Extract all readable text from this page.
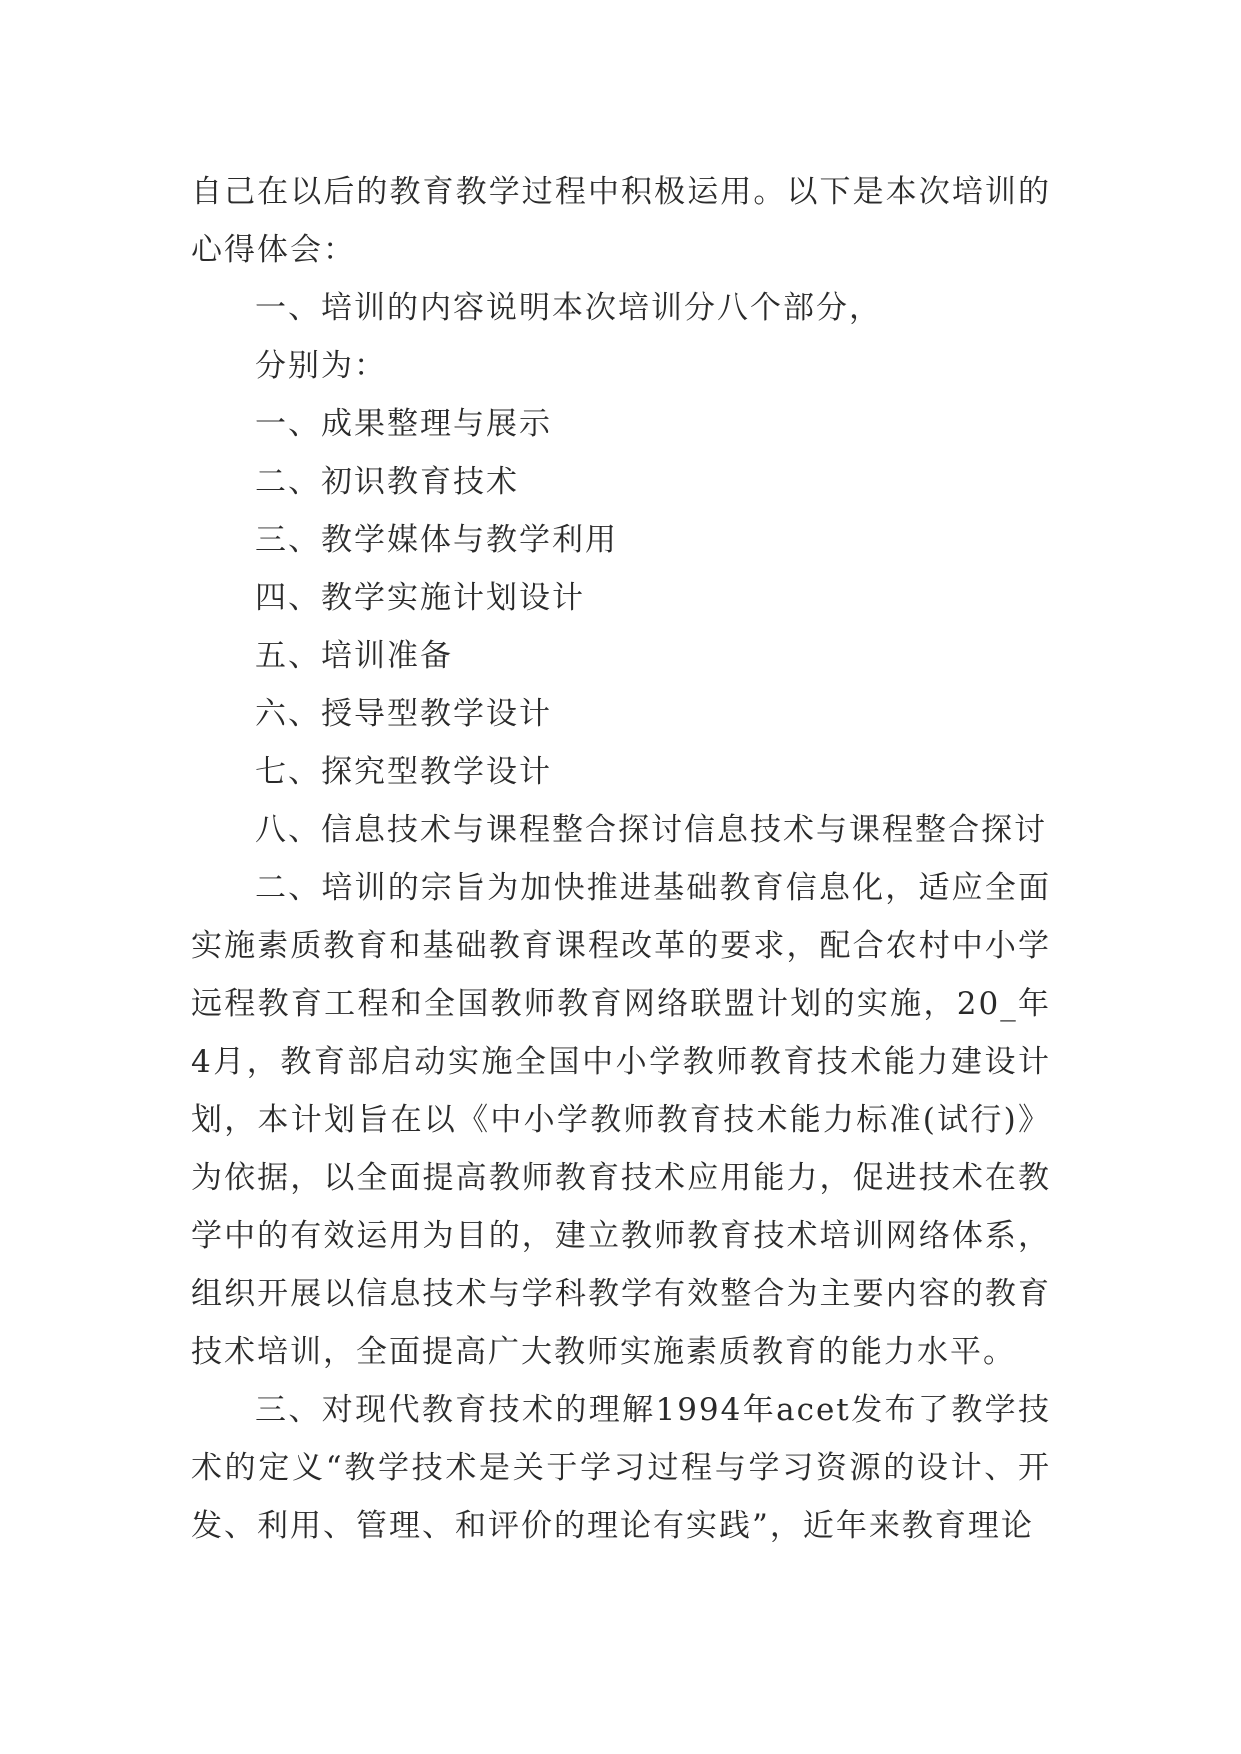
自己在以后的教育教学过程中积极运用。以下是本次培训的心得体会：

一、培训的内容说明本次培训分八个部分，

分别为：

一、成果整理与展示

二、初识教育技术

三、教学媒体与教学利用

四、教学实施计划设计

五、培训准备

六、授导型教学设计

七、探究型教学设计

八、信息技术与课程整合探讨信息技术与课程整合探讨

二、培训的宗旨为加快推进基础教育信息化，适应全面实施素质教育和基础教育课程改革的要求，配合农村中小学远程教育工程和全国教师教育网络联盟计划的实施，20_年4月，教育部启动实施全国中小学教师教育技术能力建设计划，本计划旨在以《中小学教师教育技术能力标准(试行)》为依据，以全面提高教师教育技术应用能力，促进技术在教学中的有效运用为目的，建立教师教育技术培训网络体系，组织开展以信息技术与学科教学有效整合为主要内容的教育技术培训，全面提高广大教师实施素质教育的能力水平。

三、对现代教育技术的理解1994年acet发布了教学技术的定义“教学技术是关于学习过程与学习资源的设计、开发、利用、管理、和评价的理论有实践”，近年来教育理论
